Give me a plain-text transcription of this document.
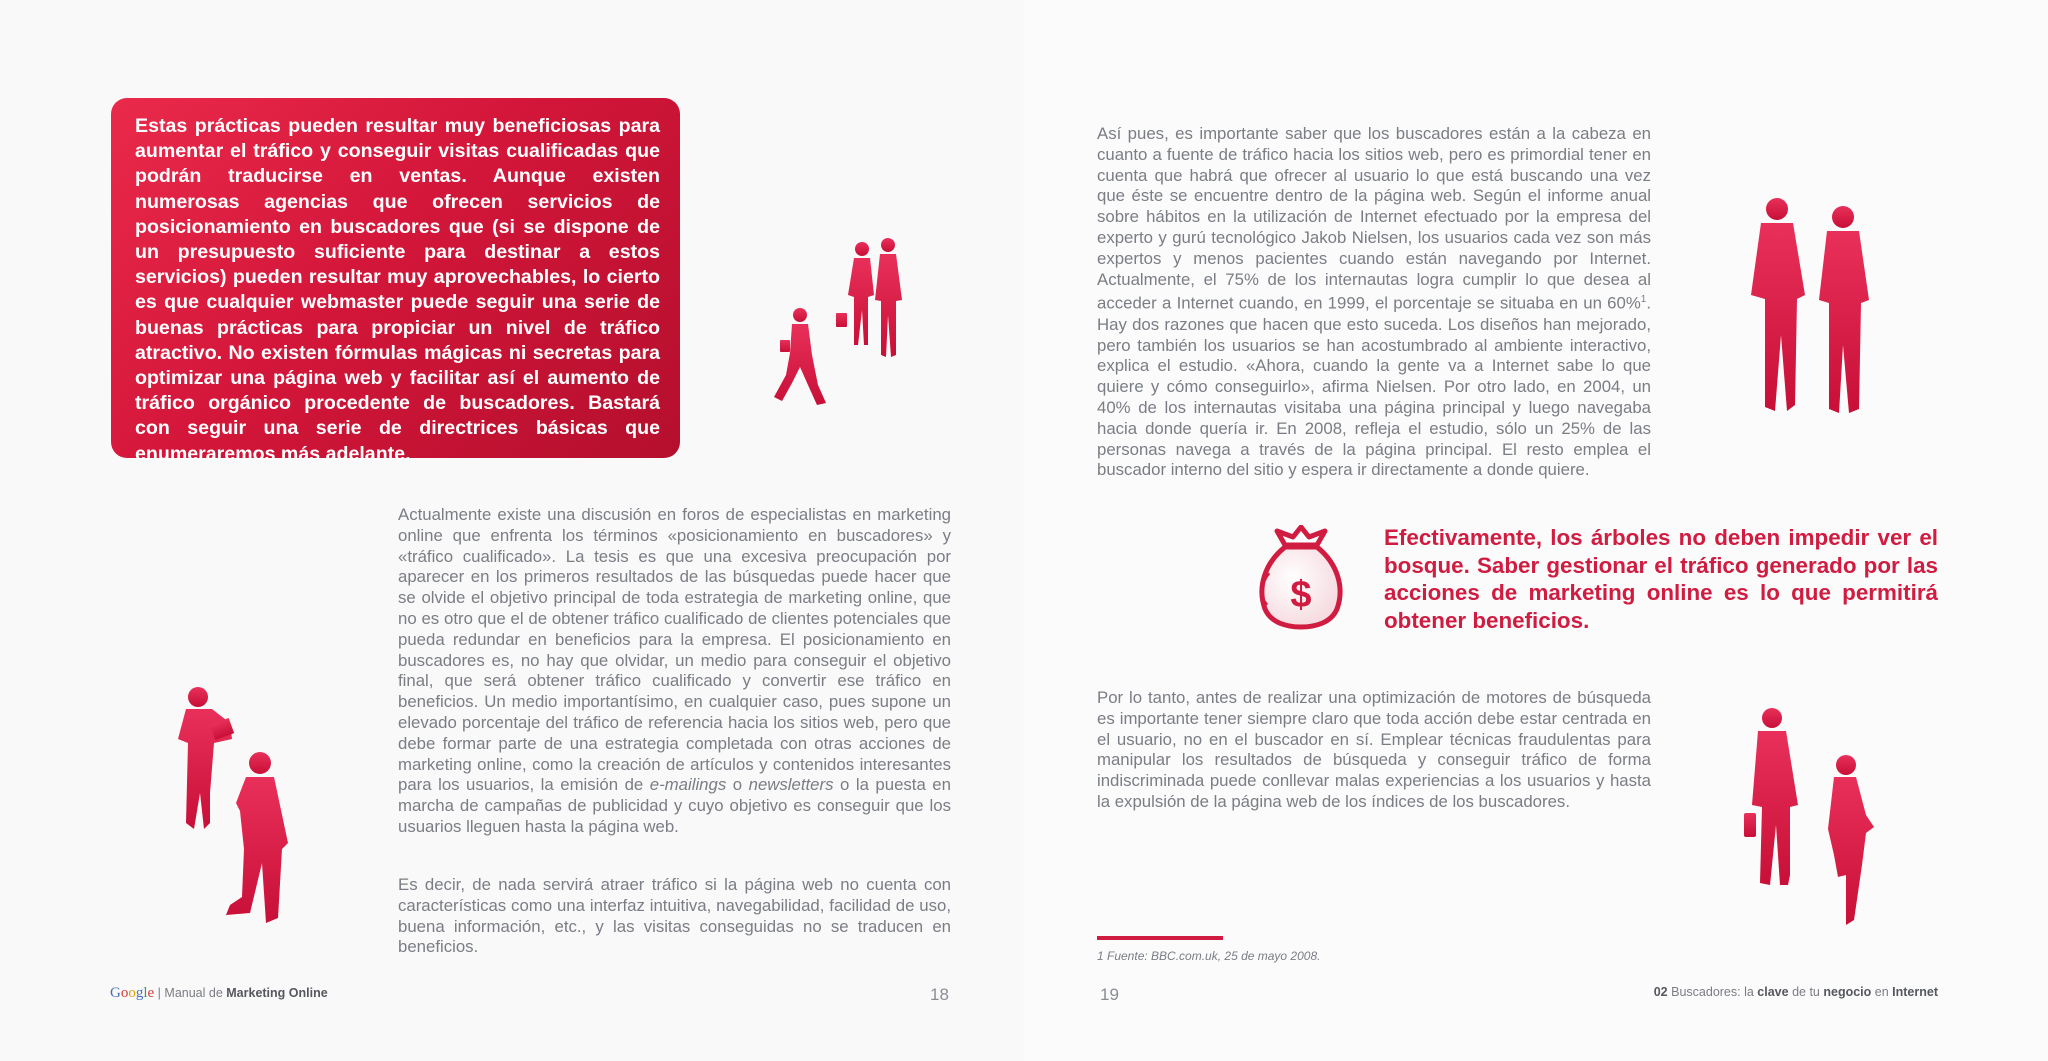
Estas prácticas pueden resultar muy beneficiosas para aumentar el tráfico y conseguir visitas cualificadas que podrán traducirse en ventas. Aunque existen numerosas agencias que ofrecen servicios de posicionamiento en buscadores que (si se dispone de un presupuesto suficiente para destinar a estos servicios) pueden resultar muy aprovechables, lo cierto es que cualquier webmaster puede seguir una serie de buenas prácticas para propiciar un nivel de tráfico atractivo. No existen fórmulas mágicas ni secretas para optimizar una página web y facilitar así el aumento de tráfico orgánico procedente de buscadores. Bastará con seguir una serie de directrices básicas que enumeraremos más adelante.
$

Así pues, es importante saber que los buscadores están a la cabeza en cuanto a fuente de tráfico hacia los sitios web, pero es primordial tener en cuenta que habrá que ofrecer al usuario lo que está buscando una vez que éste se encuentre dentro de la página web. Según el informe anual sobre hábitos en la utilización de Internet efectuado por la empresa del experto y gurú tecnológico Jakob Nielsen, los usuarios cada vez son más expertos y menos pacientes cuando están navegando por Internet. Actualmente, el 75% de los internautas logra cumplir lo que desea al acceder a Internet cuando, en 1999, el porcentaje se situaba en un 60%$^1$. Hay dos razones que hacen que esto suceda. Los diseños han mejorado, pero también los usuarios se han acostumbrado al ambiente interactivo, explica el estudio. «Ahora, cuando la gente va a Internet sabe lo que quiere y cómo conseguirlo», afirma Nielsen. Por otro lado, en 2004, un 40% de los internautas visitaba una página principal y luego navegaba hacia donde quería ir. En 2008, refleja el estudio, sólo un 25% de las personas navega a través de la página principal. El resto emplea el buscador interno del sitio y espera ir directamente a donde quiere.

Actualmente existe una discusión en foros de especialistas en marketing online que enfrenta los términos «posicionamiento en buscadores» y «tráfico cualificado». La tesis es que una excesiva preocupación por aparecer en los primeros resultados de las búsquedas puede hacer que se olvide el objetivo principal de toda estrategia de marketing online, que no es otro que el de obtener tráfico cualificado de clientes potenciales que pueda redundar en beneficios para la empresa. El posicionamiento en buscadores es, no hay que olvidar, un medio para conseguir el objetivo final, que será obtener tráfico cualificado y convertir ese tráfico en beneficios. Un medio importantísimo, en cualquier caso, pues supone un elevado porcentaje del tráfico de referencia hacia los sitios web, pero que debe formar parte de una estrategia completada con otras acciones de marketing online, como la creación de artículos y contenidos interesantes para los usuarios, la emisión de e-mailings o newsletters o la puesta en marcha de campañas de publicidad y cuyo objetivo es conseguir que los usuarios lleguen hasta la página web.

Es decir, de nada servirá atraer tráfico si la página web no cuenta con características como una interfaz intuitiva, navegabilidad, facilidad de uso, buena información, etc., y las visitas conseguidas no se traducen en beneficios.

Efectivamente, los árboles no deben impedir ver el bosque. Saber gestionar el tráfico generado por las acciones de marketing online es lo que permitirá obtener beneficios.

Por lo tanto, antes de realizar una optimización de motores de búsqueda es importante tener siempre claro que toda acción debe estar centrada en el usuario, no en el buscador en sí. Emplear técnicas fraudulentas para manipular los resultados de búsqueda y conseguir tráfico de forma indiscriminada puede conllevar malas experiencias a los usuarios y hasta la expulsión de la página web de los índices de los buscadores.

1 Fuente: BBC.com.uk, 25 de mayo 2008.
Google | Manual de Marketing Online	18	19	02 Buscadores: la clave de tu negocio en Internet
